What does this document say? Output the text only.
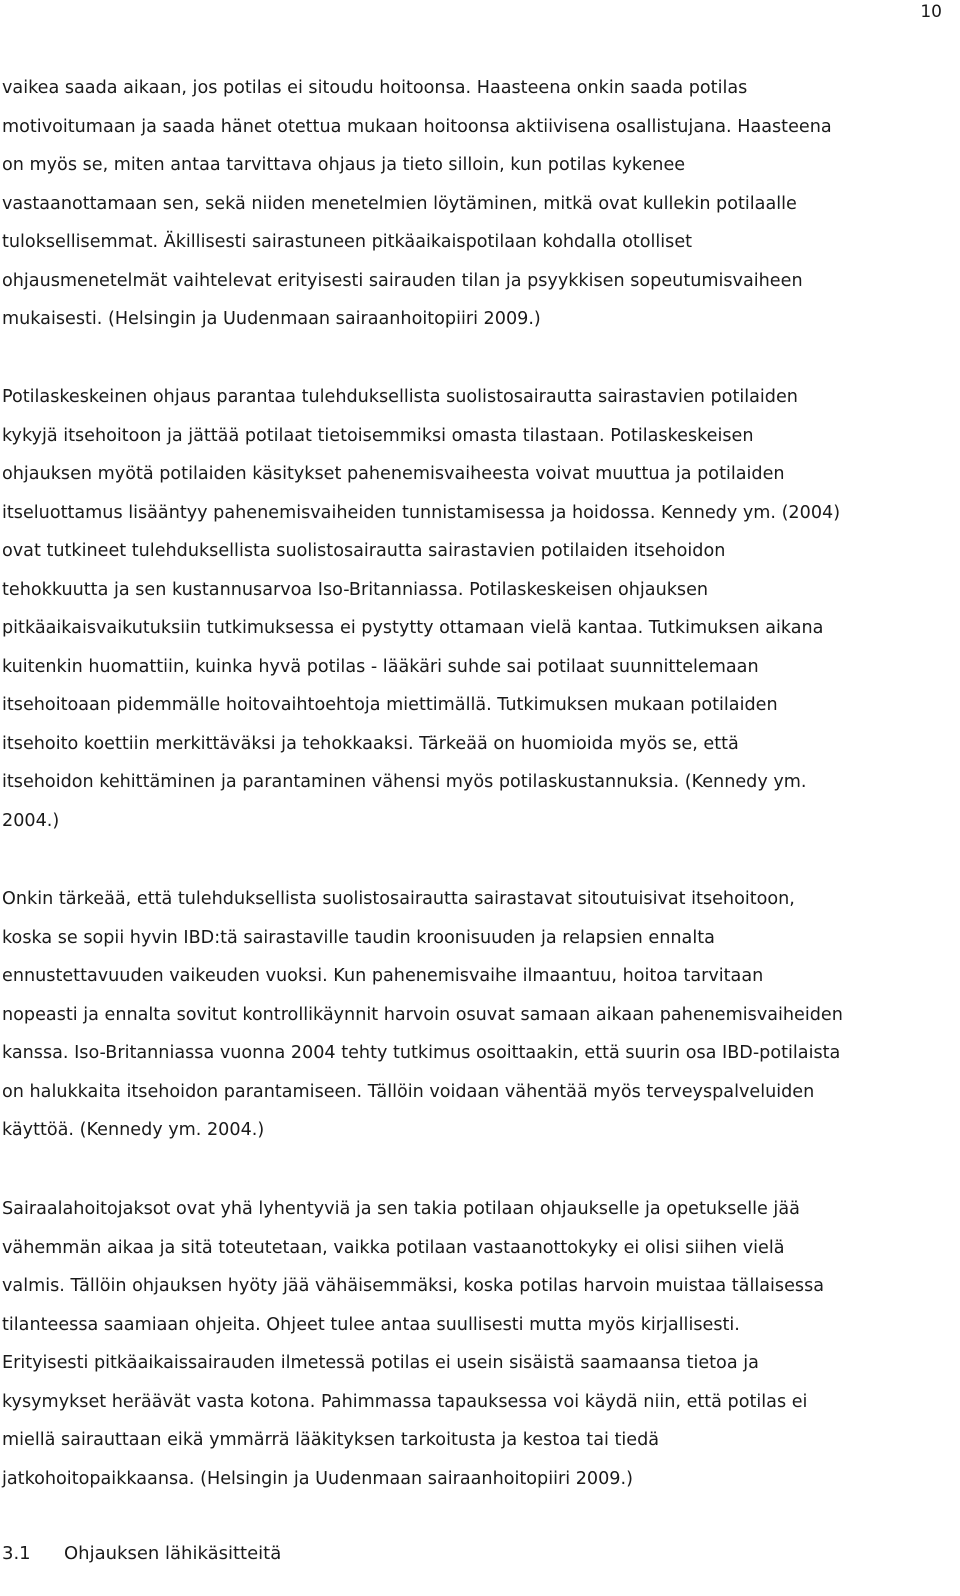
10
vaikea saada aikaan, jos potilas ei sitoudu hoitoonsa. Haasteena onkin saada potilas
motivoitumaan ja saada hänet otettua mukaan hoitoonsa aktiivisena osallistujana. Haasteena
on myös se, miten antaa tarvittava ohjaus ja tieto silloin, kun potilas kykenee
vastaanottamaan sen, sekä niiden menetelmien löytäminen, mitkä ovat kullekin potilaalle
tuloksellisemmat. Äkillisesti sairastuneen pitkäaikaispotilaan kohdalla otolliset
ohjausmenetelmät vaihtelevat erityisesti sairauden tilan ja psyykkisen sopeutumisvaiheen
mukaisesti. (Helsingin ja Uudenmaan sairaanhoitopiiri 2009.)
Potilaskeskeinen ohjaus parantaa tulehduksellista suolistosairautta sairastavien potilaiden
kykyjä itsehoitoon ja jättää potilaat tietoisemmiksi omasta tilastaan. Potilaskeskeisen
ohjauksen myötä potilaiden käsitykset pahenemisvaiheesta voivat muuttua ja potilaiden
itseluottamus lisääntyy pahenemisvaiheiden tunnistamisessa ja hoidossa. Kennedy ym. (2004)
ovat tutkineet tulehduksellista suolistosairautta sairastavien potilaiden itsehoidon
tehokkuutta ja sen kustannusarvoa Iso-Britanniassa. Potilaskeskeisen ohjauksen
pitkäaikaisvaikutuksiin tutkimuksessa ei pystytty ottamaan vielä kantaa. Tutkimuksen aikana
kuitenkin huomattiin, kuinka hyvä potilas - lääkäri suhde sai potilaat suunnittelemaan
itsehoitoaan pidemmälle hoitovaihtoehtoja miettimällä. Tutkimuksen mukaan potilaiden
itsehoito koettiin merkittäväksi ja tehokkaaksi. Tärkeää on huomioida myös se, että
itsehoidon kehittäminen ja parantaminen vähensi myös potilaskustannuksia. (Kennedy ym.
2004.)
Onkin tärkeää, että tulehduksellista suolistosairautta sairastavat sitoutuisivat itsehoitoon,
koska se sopii hyvin IBD:tä sairastaville taudin kroonisuuden ja relapsien ennalta
ennustettavuuden vaikeuden vuoksi. Kun pahenemisvaihe ilmaantuu, hoitoa tarvitaan
nopeasti ja ennalta sovitut kontrollikäynnit harvoin osuvat samaan aikaan pahenemisvaiheiden
kanssa. Iso-Britanniassa vuonna 2004 tehty tutkimus osoittaakin, että suurin osa IBD-potilaista
on halukkaita itsehoidon parantamiseen. Tällöin voidaan vähentää myös terveyspalveluiden
käyttöä. (Kennedy ym. 2004.)
Sairaalahoitojaksot ovat yhä lyhentyviä ja sen takia potilaan ohjaukselle ja opetukselle jää
vähemmän aikaa ja sitä toteutetaan, vaikka potilaan vastaanottokyky ei olisi siihen vielä
valmis. Tällöin ohjauksen hyöty jää vähäisemmäksi, koska potilas harvoin muistaa tällaisessa
tilanteessa saamiaan ohjeita. Ohjeet tulee antaa suullisesti mutta myös kirjallisesti.
Erityisesti pitkäaikaissairauden ilmetessä potilas ei usein sisäistä saamaansa tietoa ja
kysymykset heräävät vasta kotona. Pahimmassa tapauksessa voi käydä niin, että potilas ei
miellä sairauttaan eikä ymmärrä lääkityksen tarkoitusta ja kestoa tai tiedä
jatkohoitopaikkaansa. (Helsingin ja Uudenmaan sairaanhoitopiiri 2009.)
3.1 Ohjauksen lähikäsitteitä
